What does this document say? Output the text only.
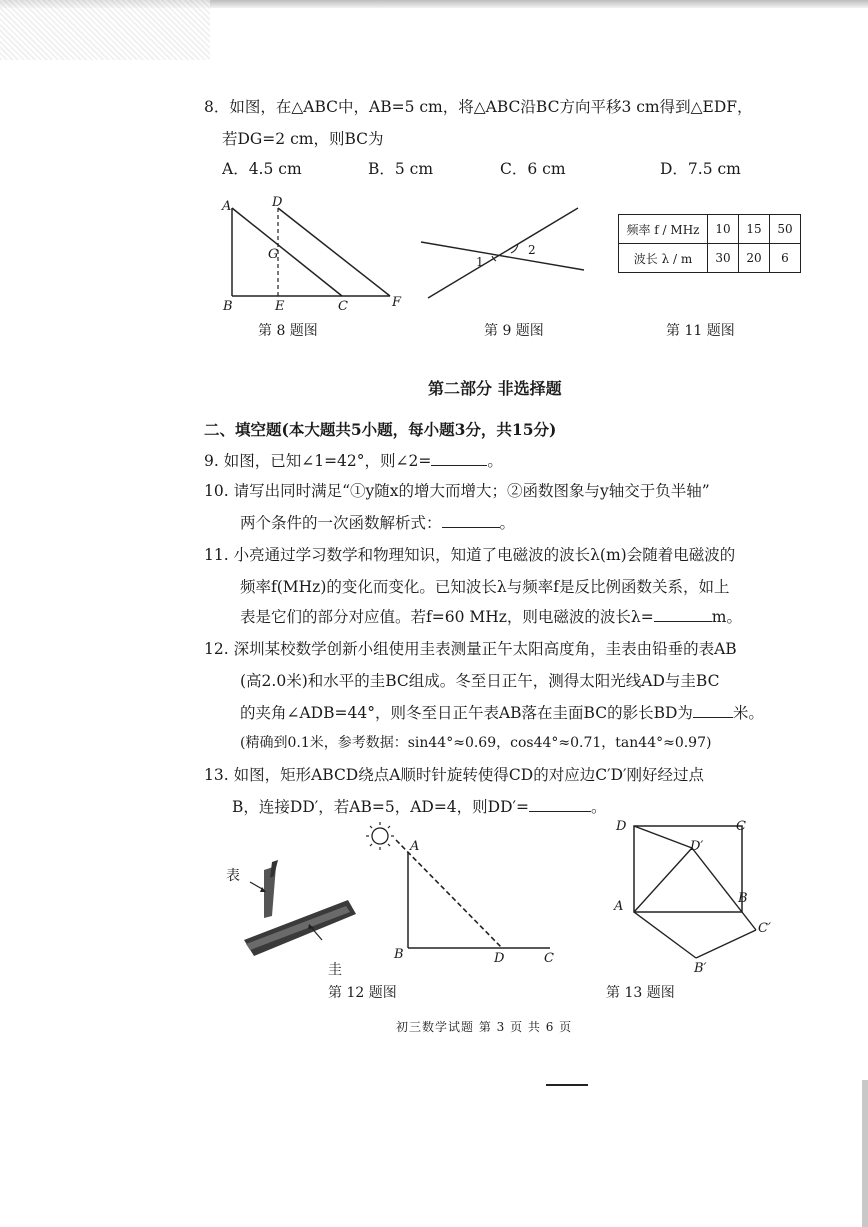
8．如图，在△ABC中，AB=5 cm，将△ABC沿BC方向平移3 cm得到△EDF，
若DG=2 cm，则BC为
A．4.5 cm	B．5 cm	C．6 cm	D．7.5 cm
A	D
G
B	E	C	F
第 8 题图
1
2
第 9 题图
频率 f / MHz	10	15	50
波长 λ / m	30	20	6
第 11 题图
第二部分 非选择题
二、填空题(本大题共5小题，每小题3分，共15分)
9. 如图，已知∠1=42°，则∠2=	。
10. 请写出同时满足“①y随x的增大而增大；②函数图象与y轴交于负半轴”
两个条件的一次函数解析式：	。
11. 小亮通过学习数学和物理知识，知道了电磁波的波长λ(m)会随着电磁波的
频率f(MHz)的变化而变化。已知波长λ与频率f是反比例函数关系，如上
表是它们的部分对应值。若f=60 MHz，则电磁波的波长λ=	m。
12. 深圳某校数学创新小组使用圭表测量正午太阳高度角，圭表由铅垂的表AB
(高2.0米)和水平的圭BC组成。冬至日正午，测得太阳光线AD与圭BC
的夹角∠ADB=44°，则冬至日正午表AB落在圭面BC的影长BD为	米。
(精确到0.1米，参考数据：sin44°≈0.69，cos44°≈0.71，tan44°≈0.97)
13. 如图，矩形ABCD绕点A顺时针旋转使得CD的对应边C′D′刚好经过点
B，连接DD′，若AB=5，AD=4，则DD′=	。
表
圭
A
B	D	C
第 12 题图
D	C
D′
A
B
C′
B′
第 13 题图
初三数学试题 第 3 页 共 6 页
